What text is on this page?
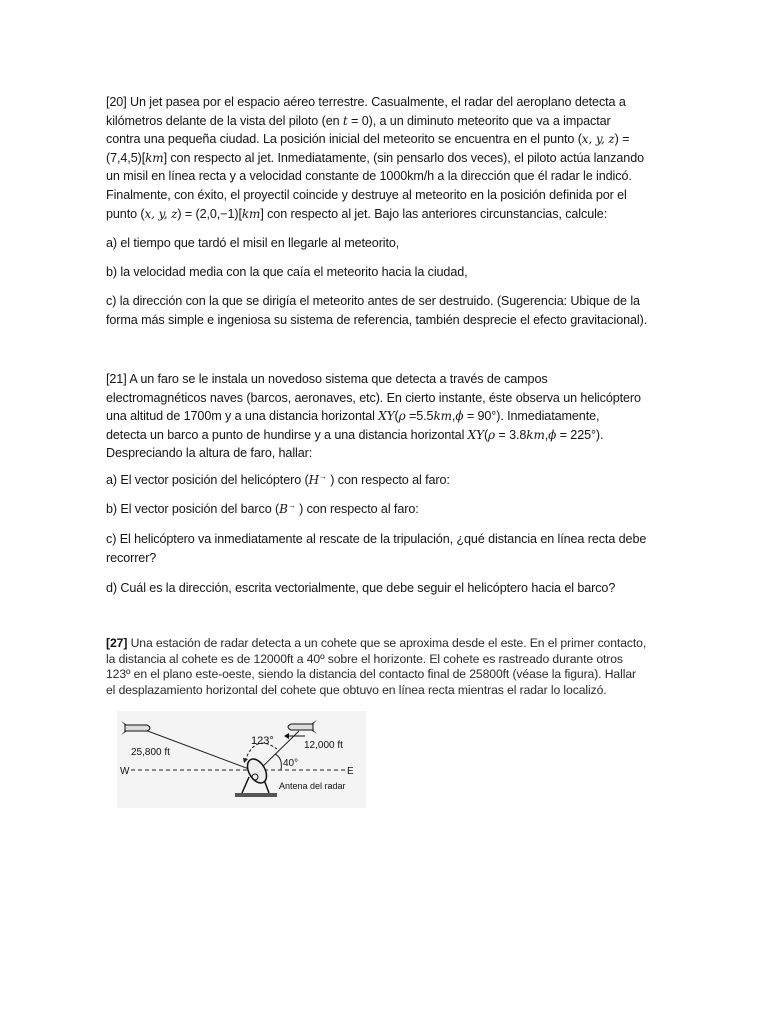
[20] Un jet pasea por el espacio aéreo terrestre. Casualmente, el radar del aeroplano detecta a
kilómetros delante de la vista del piloto (en t = 0), a un diminuto meteorito que va a impactar
contra una pequeña ciudad. La posición inicial del meteorito se encuentra en el punto (x, y, z) =
(7,4,5)[km] con respecto al jet. Inmediatamente, (sin pensarlo dos veces), el piloto actúa lanzando
un misil en línea recta y a velocidad constante de 1000km/h a la dirección que él radar le indicó.
Finalmente, con éxito, el proyectil coincide y destruye al meteorito en la posición definida por el
punto (x, y, z) = (2,0,−1)[km] con respecto al jet. Bajo las anteriores circunstancias, calcule:
a) el tiempo que tardó el misil en llegarle al meteorito,
b) la velocidad media con la que caía el meteorito hacia la ciudad,
c) la dirección con la que se dirigía el meteorito antes de ser destruido. (Sugerencia: Ubique de la
forma más simple e ingeniosa su sistema de referencia, también desprecie el efecto gravitacional).
[21] A un faro se le instala un novedoso sistema que detecta a través de campos
electromagnéticos naves (barcos, aeronaves, etc). En cierto instante, éste observa un helicóptero
una altitud de 1700m y a una distancia horizontal XY(ρ =5.5km,ϕ = 90°). Inmediatamente,
detecta un barco a punto de hundirse y a una distancia horizontal XY(ρ = 3.8km,ϕ = 225°).
Despreciando la altura de faro, hallar:
a) El vector posición del helicóptero (H→ ) con respecto al faro:
b) El vector posición del barco (B→ ) con respecto al faro:
c) El helicóptero va inmediatamente al rescate de la tripulación, ¿qué distancia en línea recta debe
recorrer?
d) Cuál es la dirección, escrita vectorialmente, que debe seguir el helicóptero hacia el barco?
[27] Una estación de radar detecta a un cohete que se aproxima desde el este. En el primer contacto,
la distancia al cohete es de 12000ft a 40º sobre el horizonte. El cohete es rastreado durante otros
123º en el plano este-oeste, siendo la distancia del contacto final de 25800ft (véase la figura). Hallar
el desplazamiento horizontal del cohete que obtuvo en línea recta mientras el radar lo localizó.
25,800 ft
12,000 ft
123°
40°
W	E
Antena del radar
